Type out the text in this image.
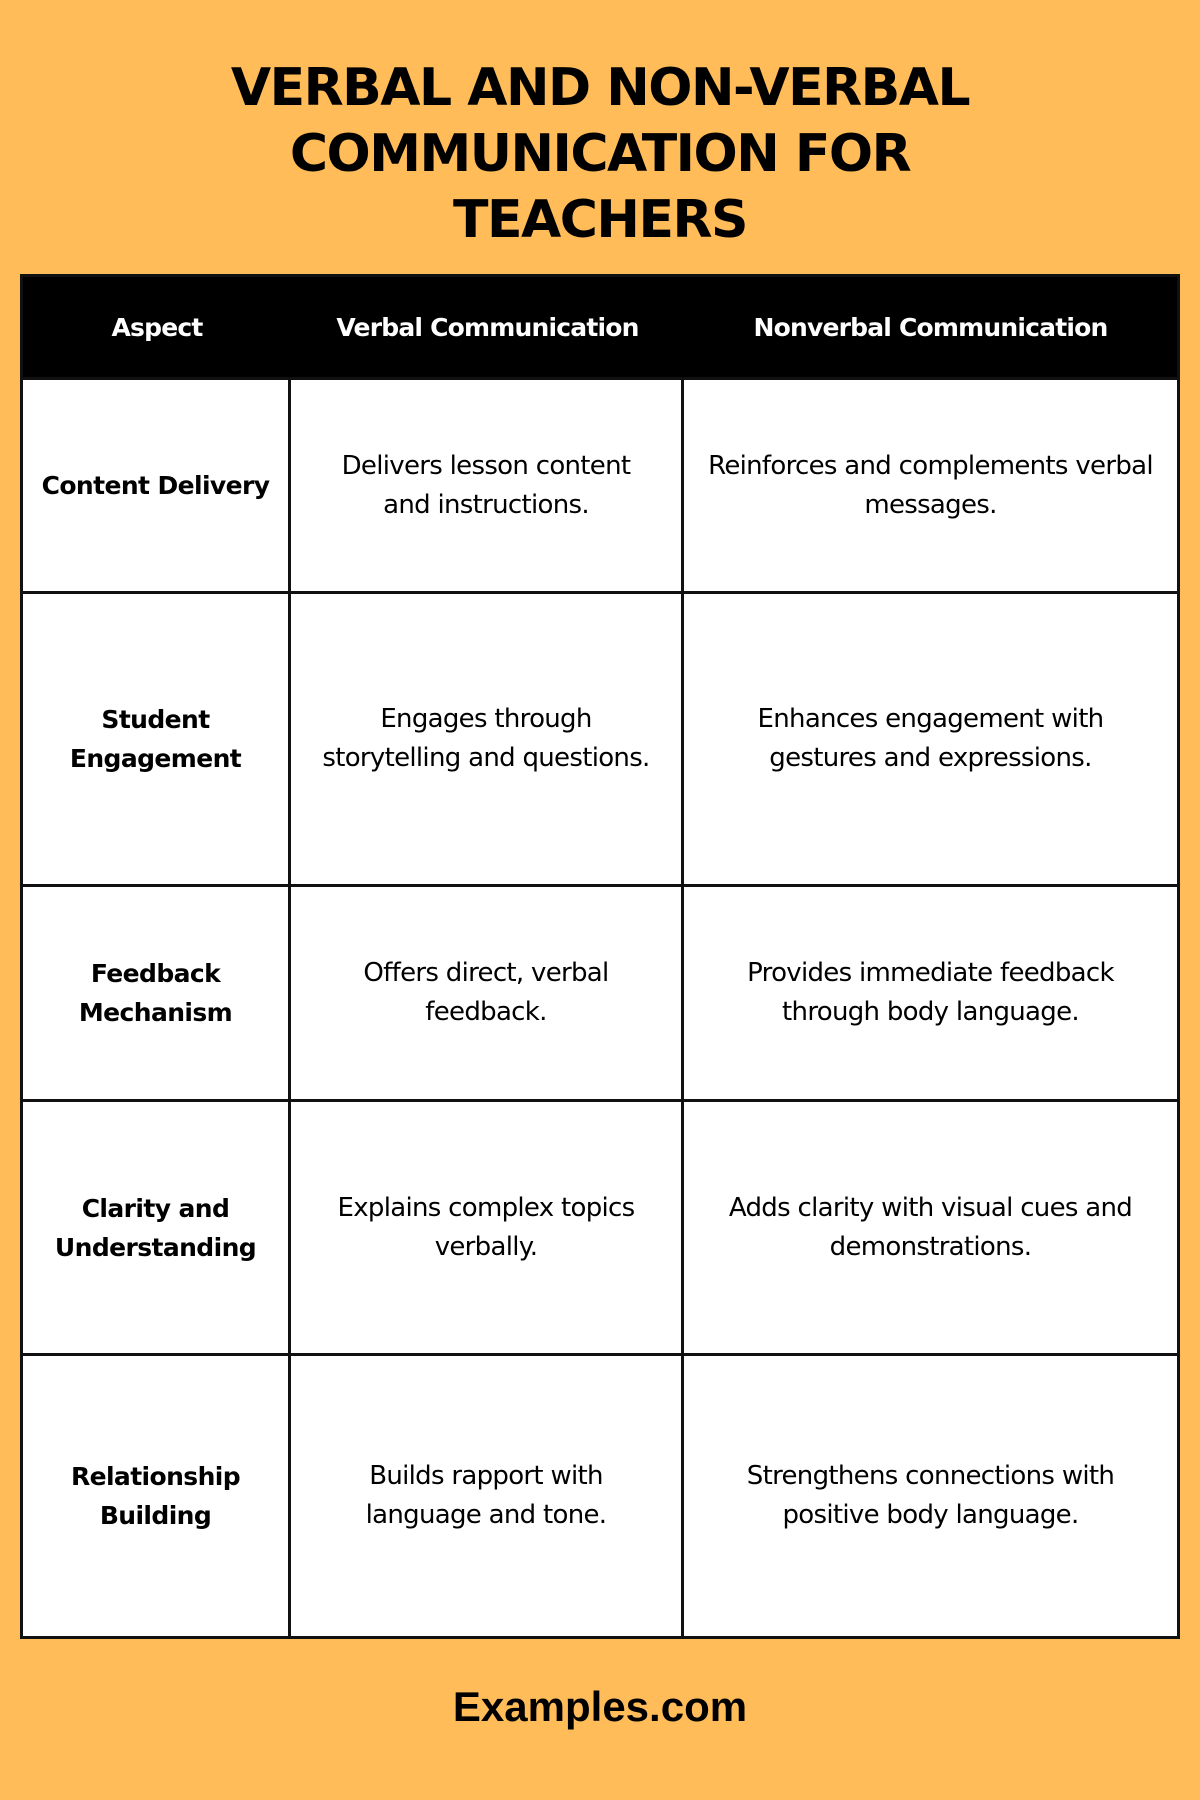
VERBAL AND NON-VERBAL
COMMUNICATION FOR
TEACHERS
Aspect	Verbal Communication	Nonverbal Communication
Content Delivery
Delivers lesson content and instructions.
Reinforces and complements verbal messages.
Student Engagement
Engages through storytelling and questions.
Enhances engagement with gestures and expressions.
Feedback Mechanism
Offers direct, verbal feedback.
Provides immediate feedback through body language.
Clarity and Understanding
Explains complex topics verbally.
Adds clarity with visual cues and demonstrations.
Relationship Building
Builds rapport with language and tone.
Strengthens connections with positive body language.
Examples.com
